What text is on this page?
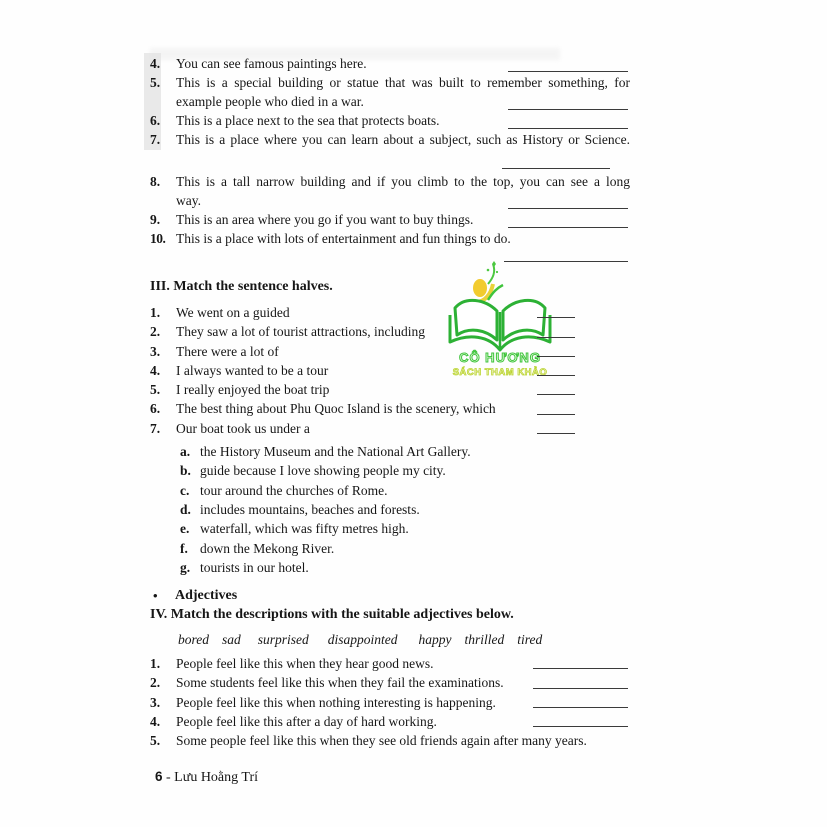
CÔ HƯƠNG
SÁCH THAM KHẢO
4.	You can see famous paintings here.
5.	This is a special building or statue that was built to remember something, for
example people who died in a war.
6.	This is a place next to the sea that protects boats.
7.	This is a place where you can learn about a subject, such as History or Science.
8.	This is a tall narrow building and if you climb to the top, you can see a long
way.
9.	This is an area where you go if you want to buy things.
10. This is a place with lots of entertainment and fun things to do.
III. Match the sentence halves.
1.	We went on a guided
2.	They saw a lot of tourist attractions, including
3.	There were a lot of
4.	I always wanted to be a tour
5.	I really enjoyed the boat trip
6.	The best thing about Phu Quoc Island is the scenery, which
7.	Our boat took us under a
a. the History Museum and the National Art Gallery.
b. guide because I love showing people my city.
c. tour around the churches of Rome.
d. includes mountains, beaches and forests.
e. waterfall, which was fifty metres high.
f. down the Mekong River.
g. tourists in our hotel.
•	Adjectives
IV. Match the descriptions with the suitable adjectives below.
bored sad surprised disappointed happy thrilled tired
1.	People feel like this when they hear good news.
2.	Some students feel like this when they fail the examinations.
3.	People feel like this when nothing interesting is happening.
4.	People feel like this after a day of hard working.
5.	Some people feel like this when they see old friends again after many years.
6 - Lưu Hoằng Trí
